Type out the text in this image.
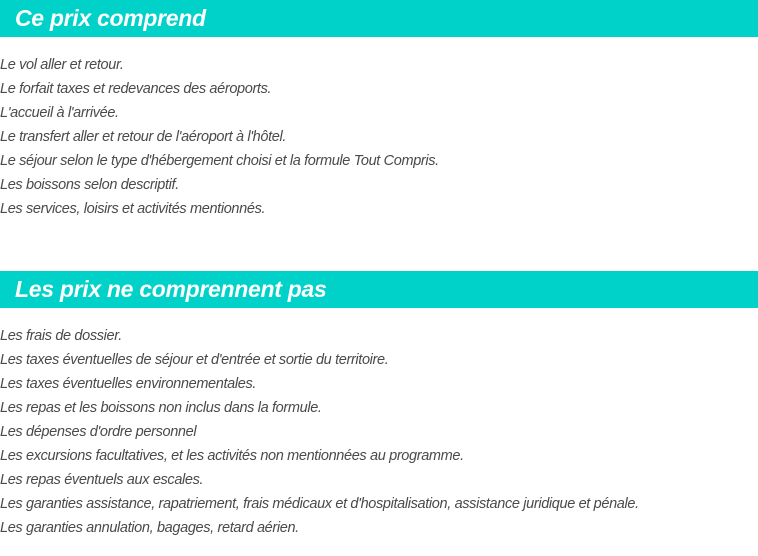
Ce prix comprend
Le vol aller et retour.
Le forfait taxes et redevances des aéroports.
L'accueil à l'arrivée.
Le transfert aller et retour de l'aéroport à l'hôtel.
Le séjour selon le type d'hébergement choisi et la formule Tout Compris.
Les boissons selon descriptif.
Les services, loisirs et activités mentionnés.
Les prix ne comprennent pas
Les frais de dossier.
Les taxes éventuelles de séjour et d'entrée et sortie du territoire.
Les taxes éventuelles environnementales.
Les repas et les boissons non inclus dans la formule.
Les dépenses d'ordre personnel
Les excursions facultatives, et les activités non mentionnées au programme.
Les repas éventuels aux escales.
Les garanties assistance, rapatriement, frais médicaux et d'hospitalisation, assistance juridique et pénale.
Les garanties annulation, bagages, retard aérien.
